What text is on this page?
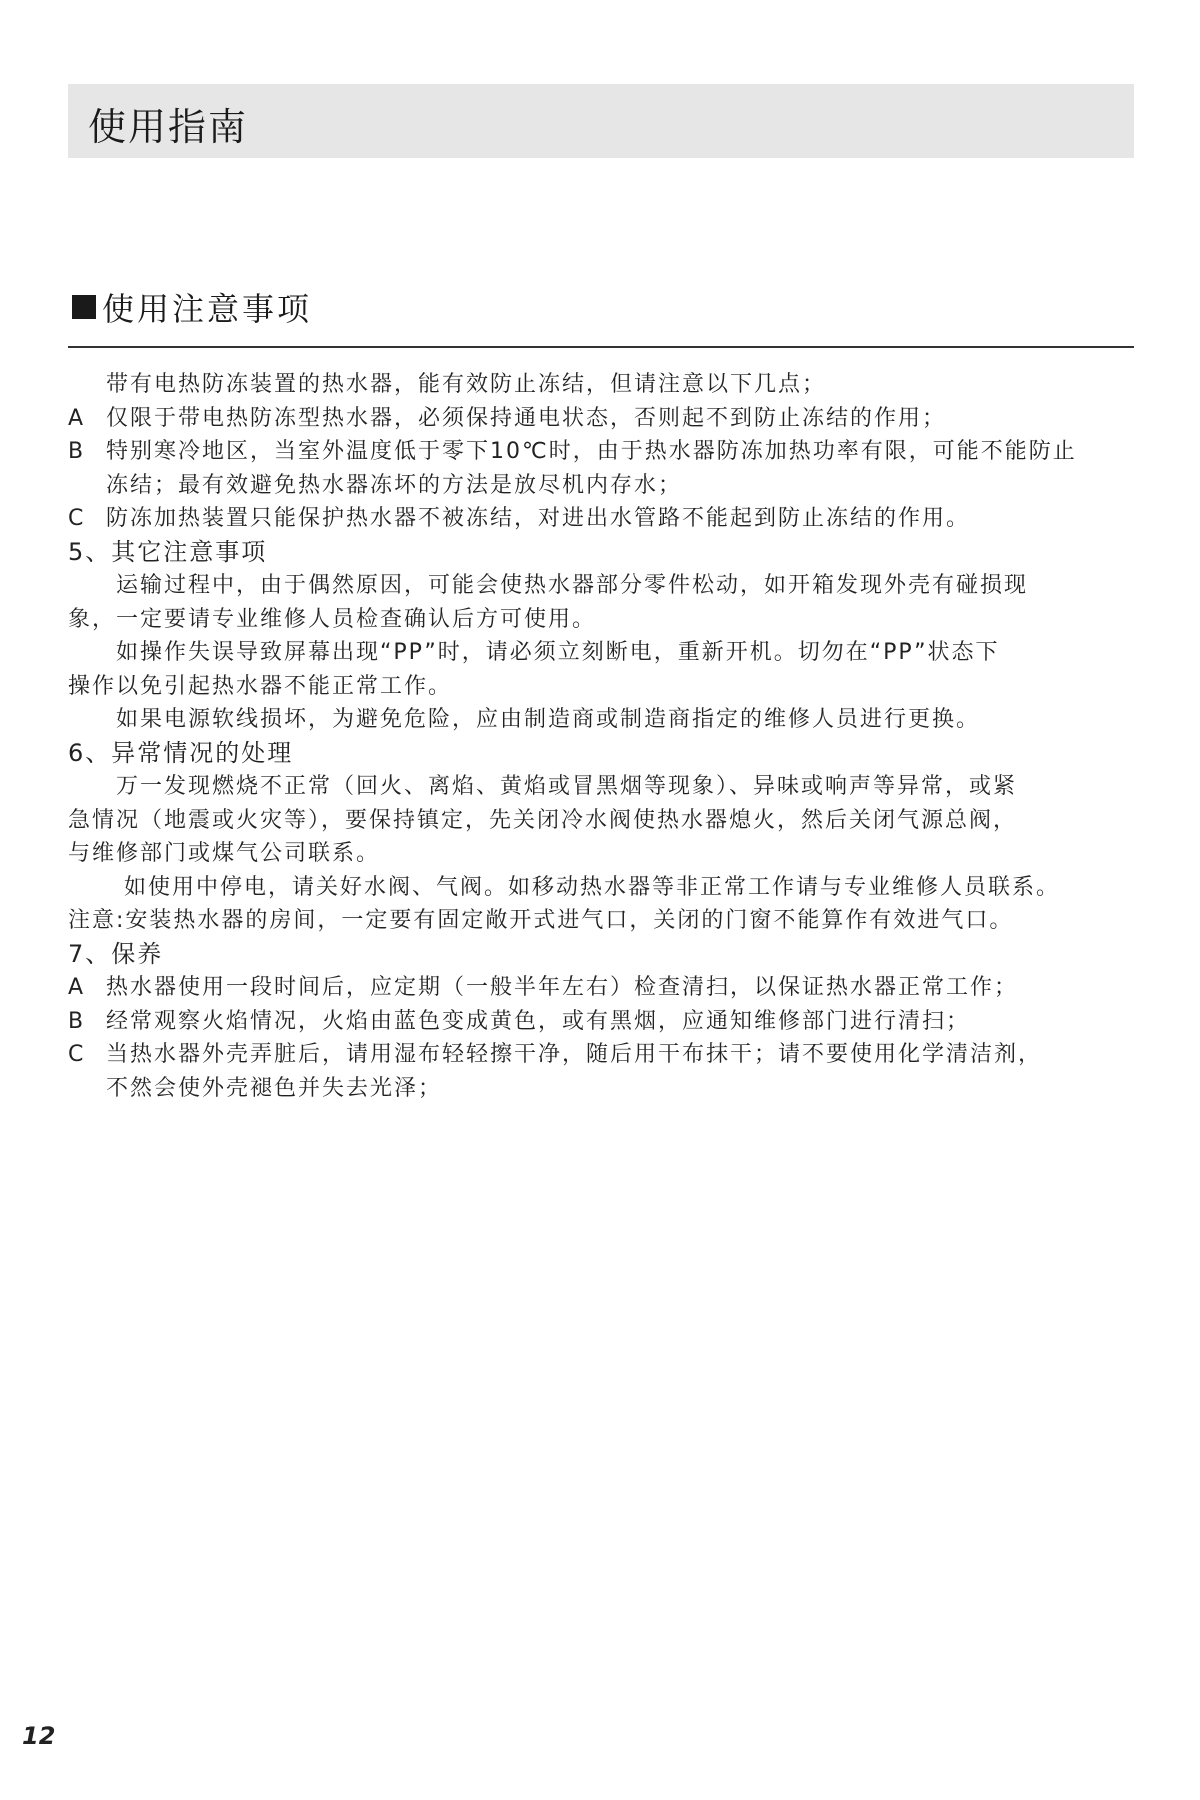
使用指南
使用注意事项
带有电热防冻装置的热水器，能有效防止冻结，但请注意以下几点；
A 仅限于带电热防冻型热水器，必须保持通电状态，否则起不到防止冻结的作用；
B 特别寒冷地区，当室外温度低于零下10℃时，由于热水器防冻加热功率有限，可能不能防止
冻结；最有效避免热水器冻坏的方法是放尽机内存水；
C 防冻加热装置只能保护热水器不被冻结，对进出水管路不能起到防止冻结的作用。
5、其它注意事项
运输过程中，由于偶然原因，可能会使热水器部分零件松动，如开箱发现外壳有碰损现
象，一定要请专业维修人员检查确认后方可使用。
如操作失误导致屏幕出现“PP”时，请必须立刻断电，重新开机。切勿在“PP”状态下
操作以免引起热水器不能正常工作。
如果电源软线损坏，为避免危险，应由制造商或制造商指定的维修人员进行更换。
6、异常情况的处理
万一发现燃烧不正常（回火、离焰、黄焰或冒黑烟等现象）、异味或响声等异常，或紧
急情况（地震或火灾等），要保持镇定，先关闭冷水阀使热水器熄火，然后关闭气源总阀，
与维修部门或煤气公司联系。
如使用中停电，请关好水阀、气阀。如移动热水器等非正常工作请与专业维修人员联系。
注意:安装热水器的房间，一定要有固定敞开式进气口，关闭的门窗不能算作有效进气口。
7、保养
A 热水器使用一段时间后，应定期（一般半年左右）检查清扫，以保证热水器正常工作；
B 经常观察火焰情况，火焰由蓝色变成黄色，或有黑烟，应通知维修部门进行清扫；
C 当热水器外壳弄脏后，请用湿布轻轻擦干净，随后用干布抹干；请不要使用化学清洁剂，
不然会使外壳褪色并失去光泽；
12
